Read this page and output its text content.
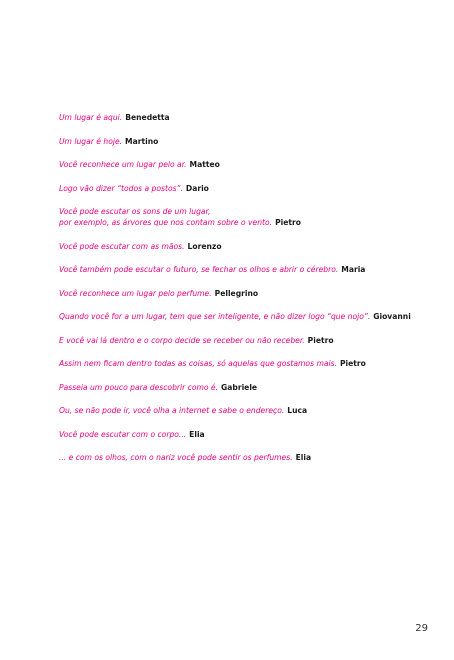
Um lugar é aqui. Benedetta

Um lugar é hoje. Martino

Você reconhece um lugar pelo ar. Matteo

Logo vão dizer “todos a postos”. Dario

Você pode escutar os sons de um lugar,
por exemplo, as árvores que nos contam sobre o vento. Pietro

Você pode escutar com as mãos. Lorenzo

Você também pode escutar o futuro, se fechar os olhos e abrir o cérebro. Maria

Você reconhece um lugar pelo perfume. Pellegrino

Quando você for a um lugar, tem que ser inteligente, e não dizer logo “que nojo”. Giovanni

E você vai lá dentro e o corpo decide se receber ou não receber. Pietro

Assim nem ficam dentro todas as coisas, só aquelas que gostamos mais. Pietro

Passeia um pouco para descobrir como é. Gabriele

Ou, se não pode ir, você olha a internet e sabe o endereço. Luca

Você pode escutar com o corpo... Elia

... e com os olhos, com o nariz você pode sentir os perfumes. Elia

29
